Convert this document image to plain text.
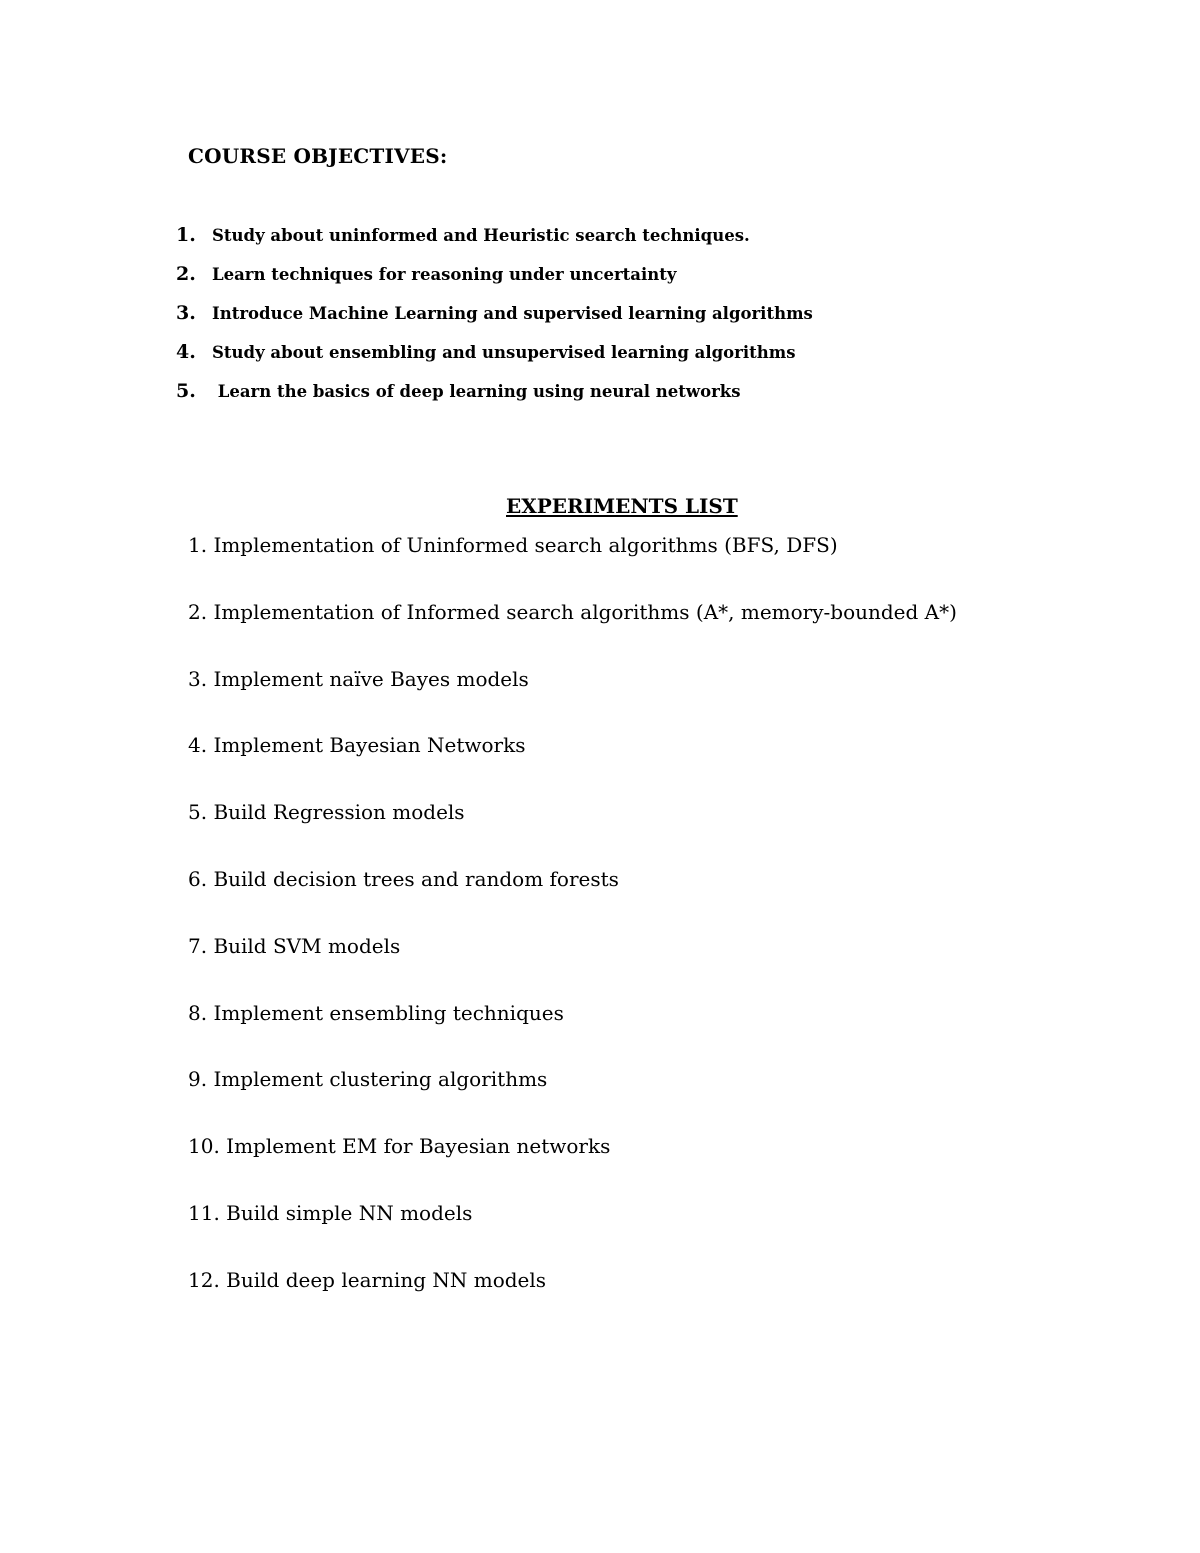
COURSE OBJECTIVES:
1. Study about uninformed and Heuristic search techniques.
2. Learn techniques for reasoning under uncertainty
3. Introduce Machine Learning and supervised learning algorithms
4. Study about ensembling and unsupervised learning algorithms
5. Learn the basics of deep learning using neural networks
EXPERIMENTS LIST
1. Implementation of Uninformed search algorithms (BFS, DFS)
2. Implementation of Informed search algorithms (A*, memory-bounded A*)
3. Implement naïve Bayes models
4. Implement Bayesian Networks
5. Build Regression models
6. Build decision trees and random forests
7. Build SVM models
8. Implement ensembling techniques
9. Implement clustering algorithms
10. Implement EM for Bayesian networks
11. Build simple NN models
12. Build deep learning NN models
